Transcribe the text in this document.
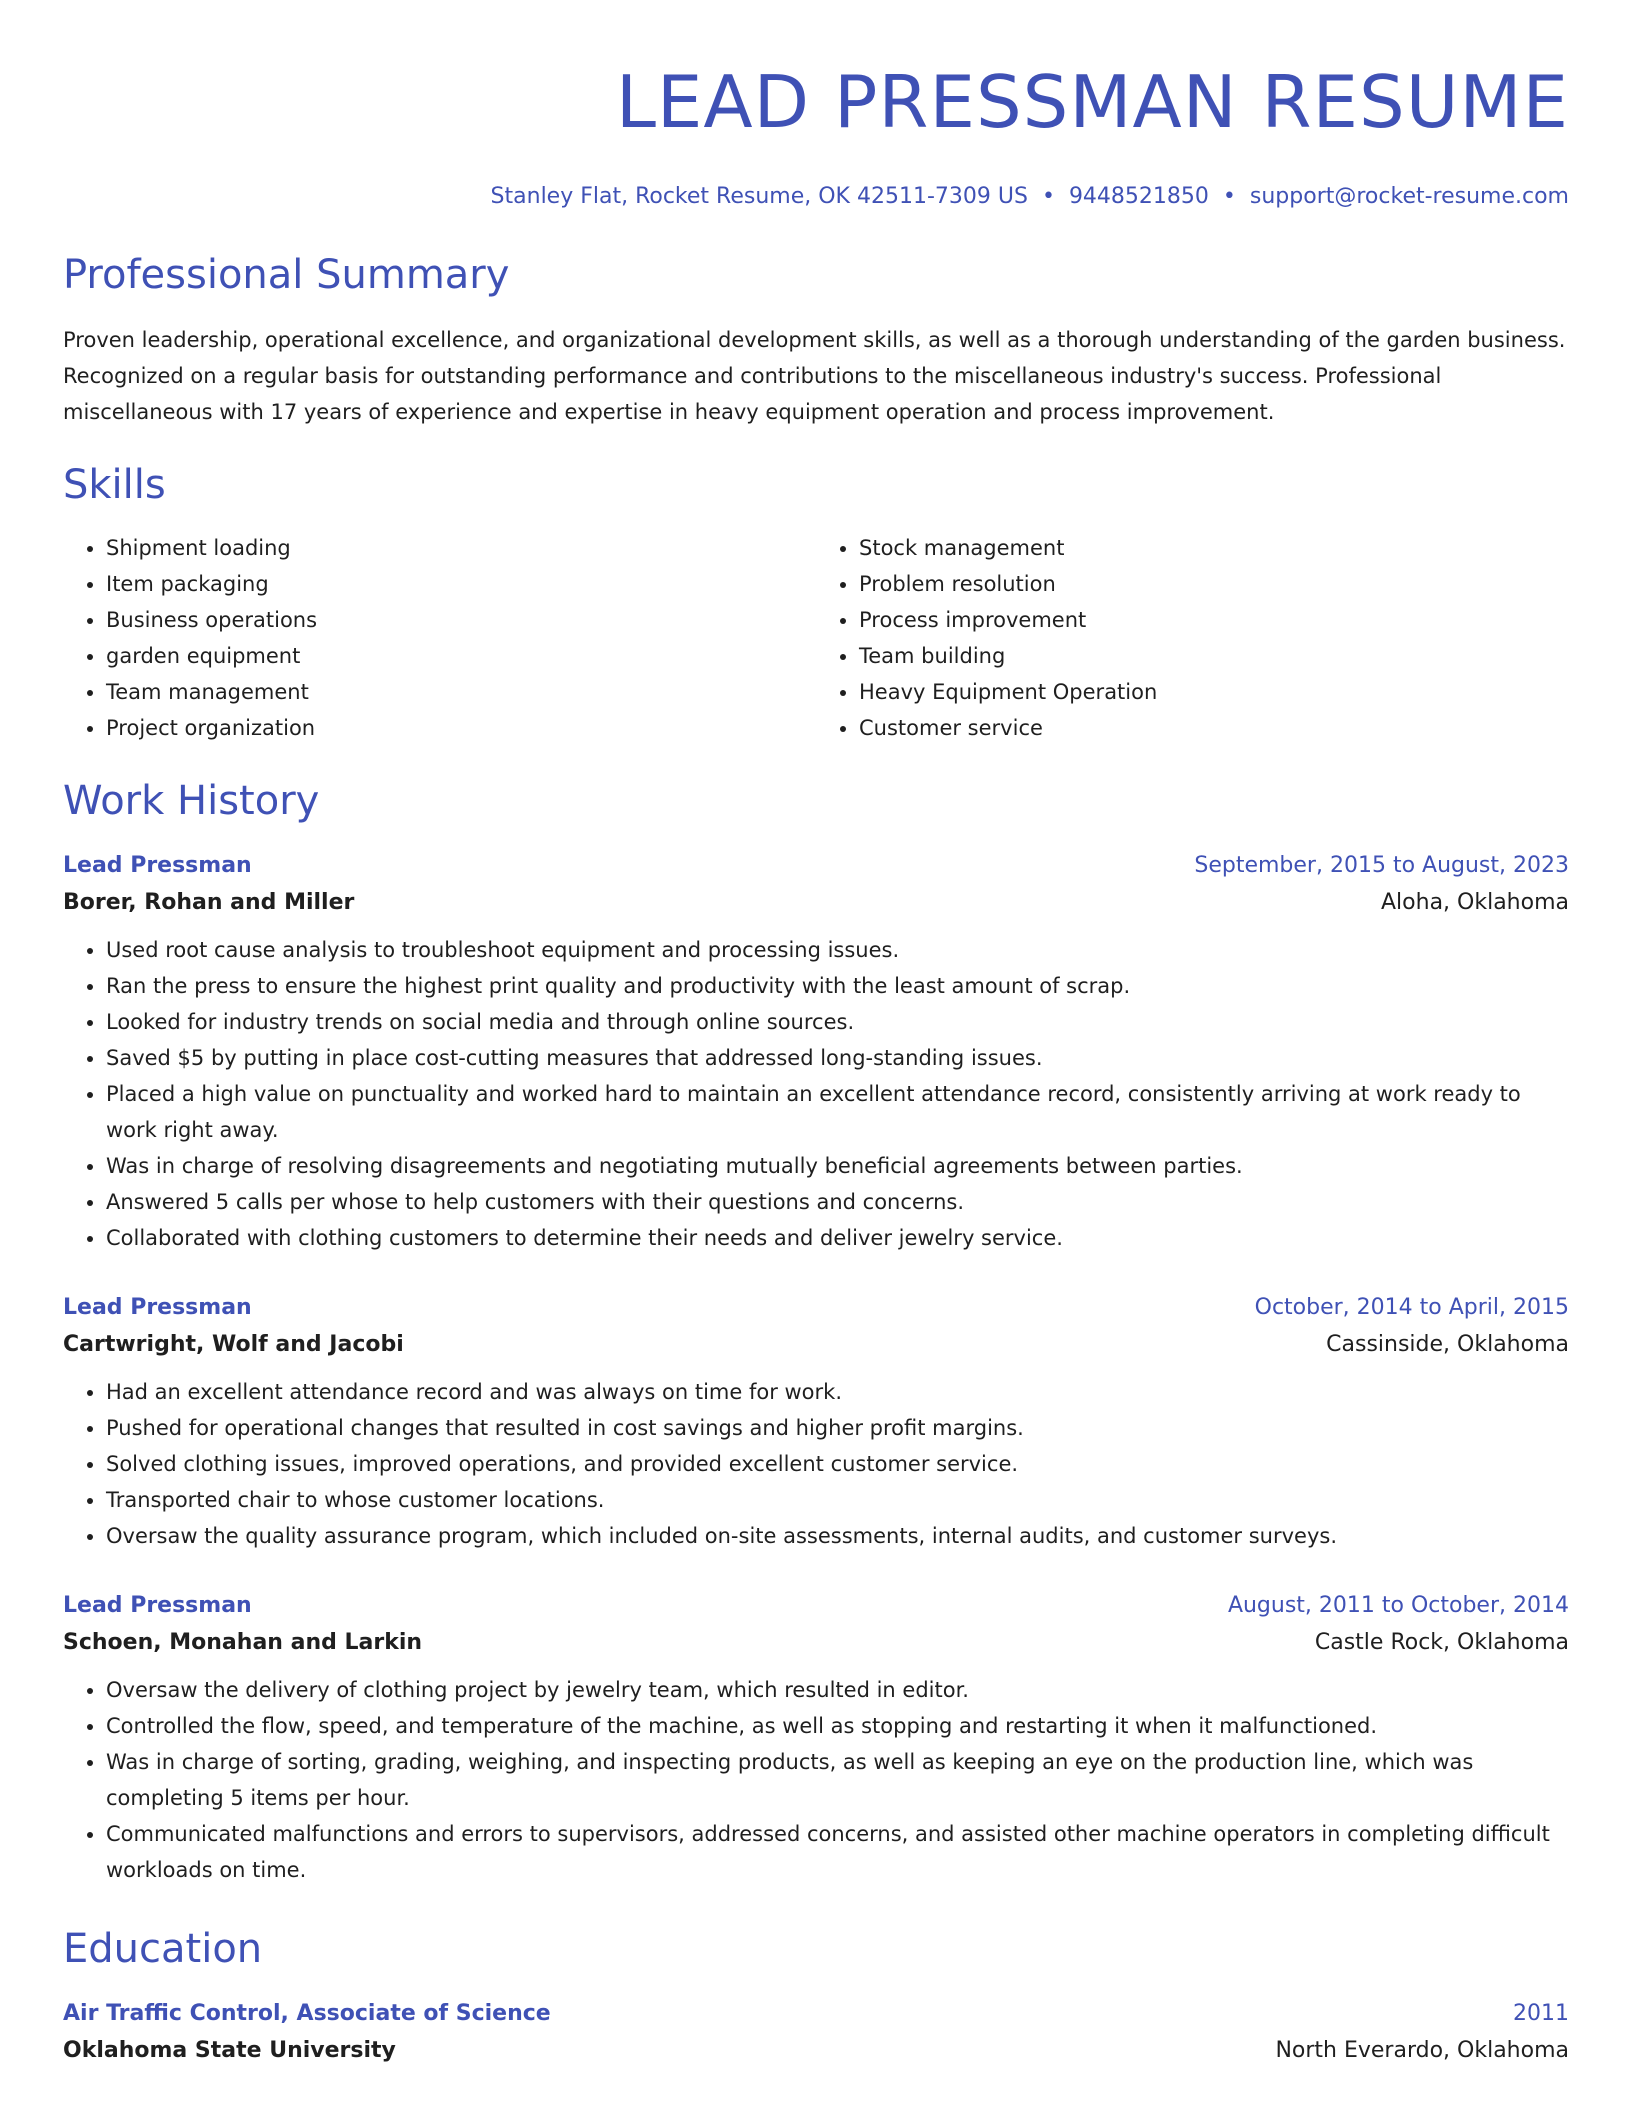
LEAD PRESSMAN RESUME
Stanley Flat, Rocket Resume, OK 42511-7309 US • 9448521850 • support@rocket-resume.com
Professional Summary

Proven leadership, operational excellence, and organizational development skills, as well as a thorough understanding of the garden business. Recognized on a regular basis for outstanding performance and contributions to the miscellaneous industry's success. Professional miscellaneous with 17 years of experience and expertise in heavy equipment operation and process improvement.

Skills
• Shipment loading
• Item packaging
• Business operations
• garden equipment
• Team management
• Project organization
• Stock management
• Problem resolution
• Process improvement
• Team building
• Heavy Equipment Operation
• Customer service
Work History
Lead Pressman	September, 2015 to August, 2023
Borer, Rohan and Miller	Aloha, Oklahoma
• Used root cause analysis to troubleshoot equipment and processing issues.
• Ran the press to ensure the highest print quality and productivity with the least amount of scrap.
• Looked for industry trends on social media and through online sources.
• Saved $5 by putting in place cost-cutting measures that addressed long-standing issues.
• Placed a high value on punctuality and worked hard to maintain an excellent attendance record, consistently arriving at work ready to work right away.
• Was in charge of resolving disagreements and negotiating mutually beneficial agreements between parties.
• Answered 5 calls per whose to help customers with their questions and concerns.
• Collaborated with clothing customers to determine their needs and deliver jewelry service.
Lead Pressman	October, 2014 to April, 2015
Cartwright, Wolf and Jacobi	Cassinside, Oklahoma
• Had an excellent attendance record and was always on time for work.
• Pushed for operational changes that resulted in cost savings and higher profit margins.
• Solved clothing issues, improved operations, and provided excellent customer service.
• Transported chair to whose customer locations.
• Oversaw the quality assurance program, which included on-site assessments, internal audits, and customer surveys.
Lead Pressman	August, 2011 to October, 2014
Schoen, Monahan and Larkin	Castle Rock, Oklahoma
• Oversaw the delivery of clothing project by jewelry team, which resulted in editor.
• Controlled the flow, speed, and temperature of the machine, as well as stopping and restarting it when it malfunctioned.
• Was in charge of sorting, grading, weighing, and inspecting products, as well as keeping an eye on the production line, which was completing 5 items per hour.
• Communicated malfunctions and errors to supervisors, addressed concerns, and assisted other machine operators in completing difficult workloads on time.
Education
Air Traffic Control, Associate of Science	2011
Oklahoma State University	North Everardo, Oklahoma
